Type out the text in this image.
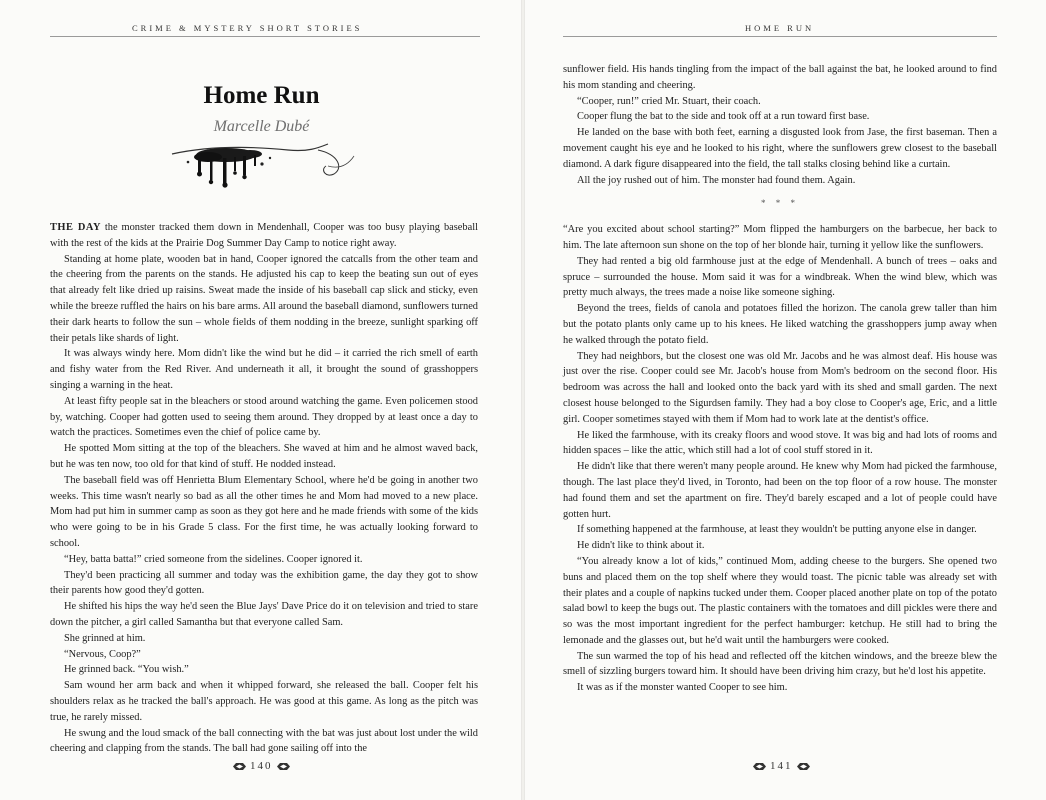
CRIME & MYSTERY SHORT STORIES
Home Run
Marcelle Dubé

THE DAY the monster tracked them down in Mendenhall, Cooper was too busy playing baseball with the rest of the kids at the Prairie Dog Summer Day Camp to notice right away.

Standing at home plate, wooden bat in hand, Cooper ignored the catcalls from the other team and the cheering from the parents on the stands. He adjusted his cap to keep the beating sun out of eyes that already felt like dried up raisins. Sweat made the inside of his baseball cap slick and sticky, even while the breeze ruffled the hairs on his bare arms. All around the baseball diamond, sunflowers turned their dark hearts to follow the sun – whole fields of them nodding in the breeze, sunlight sparking off their petals like shards of light.

It was always windy here. Mom didn't like the wind but he did – it carried the rich smell of earth and fishy water from the Red River. And underneath it all, it brought the sound of grasshoppers singing a warning in the heat.

At least fifty people sat in the bleachers or stood around watching the game. Even policemen stood by, watching. Cooper had gotten used to seeing them around. They dropped by at least once a day to watch the practices. Sometimes even the chief of police came by.

He spotted Mom sitting at the top of the bleachers. She waved at him and he almost waved back, but he was ten now, too old for that kind of stuff. He nodded instead.

The baseball field was off Henrietta Blum Elementary School, where he'd be going in another two weeks. This time wasn't nearly so bad as all the other times he and Mom had moved to a new place. Mom had put him in summer camp as soon as they got here and he made friends with some of the kids who were going to be in his Grade 5 class. For the first time, he was actually looking forward to school.

“Hey, batta batta!” cried someone from the sidelines. Cooper ignored it.

They'd been practicing all summer and today was the exhibition game, the day they got to show their parents how good they'd gotten.

He shifted his hips the way he'd seen the Blue Jays' Dave Price do it on television and tried to stare down the pitcher, a girl called Samantha but that everyone called Sam.

She grinned at him.

“Nervous, Coop?”

He grinned back. “You wish.”

Sam wound her arm back and when it whipped forward, she released the ball. Cooper felt his shoulders relax as he tracked the ball's approach. He was good at this game. As long as the pitch was true, he rarely missed.

He swung and the loud smack of the ball connecting with the bat was just about lost under the wild cheering and clapping from the stands. The ball had gone sailing off into the

140
HOME RUN

sunflower field. His hands tingling from the impact of the ball against the bat, he looked around to find his mom standing and cheering.

“Cooper, run!” cried Mr. Stuart, their coach.

Cooper flung the bat to the side and took off at a run toward first base.

He landed on the base with both feet, earning a disgusted look from Jase, the first baseman. Then a movement caught his eye and he looked to his right, where the sunflowers grew closest to the baseball diamond. A dark figure disappeared into the field, the tall stalks closing behind like a curtain.

All the joy rushed out of him. The monster had found them. Again.

* * *

“Are you excited about school starting?” Mom flipped the hamburgers on the barbecue, her back to him. The late afternoon sun shone on the top of her blonde hair, turning it yellow like the sunflowers.

They had rented a big old farmhouse just at the edge of Mendenhall. A bunch of trees – oaks and spruce – surrounded the house. Mom said it was for a windbreak. When the wind blew, which was pretty much always, the trees made a noise like someone sighing.

Beyond the trees, fields of canola and potatoes filled the horizon. The canola grew taller than him but the potato plants only came up to his knees. He liked watching the grasshoppers jump away when he walked through the potato field.

They had neighbors, but the closest one was old Mr. Jacobs and he was almost deaf. His house was just over the rise. Cooper could see Mr. Jacob's house from Mom's bedroom on the second floor. His bedroom was across the hall and looked onto the back yard with its shed and small garden. The next closest house belonged to the Sigurdsen family. They had a boy close to Cooper's age, Eric, and a little girl. Cooper sometimes stayed with them if Mom had to work late at the dentist's office.

He liked the farmhouse, with its creaky floors and wood stove. It was big and had lots of rooms and hidden spaces – like the attic, which still had a lot of cool stuff stored in it.

He didn't like that there weren't many people around. He knew why Mom had picked the farmhouse, though. The last place they'd lived, in Toronto, had been on the top floor of a row house. The monster had found them and set the apartment on fire. They'd barely escaped and a lot of people could have gotten hurt.

If something happened at the farmhouse, at least they wouldn't be putting anyone else in danger.

He didn't like to think about it.

“You already know a lot of kids,” continued Mom, adding cheese to the burgers. She opened two buns and placed them on the top shelf where they would toast. The picnic table was already set with their plates and a couple of napkins tucked under them. Cooper placed another plate on top of the potato salad bowl to keep the bugs out. The plastic containers with the tomatoes and dill pickles were there and so was the most important ingredient for the perfect hamburger: ketchup. He still had to bring the lemonade and the glasses out, but he'd wait until the hamburgers were cooked.

The sun warmed the top of his head and reflected off the kitchen windows, and the breeze blew the smell of sizzling burgers toward him. It should have been driving him crazy, but he'd lost his appetite.

It was as if the monster wanted Cooper to see him.

141
